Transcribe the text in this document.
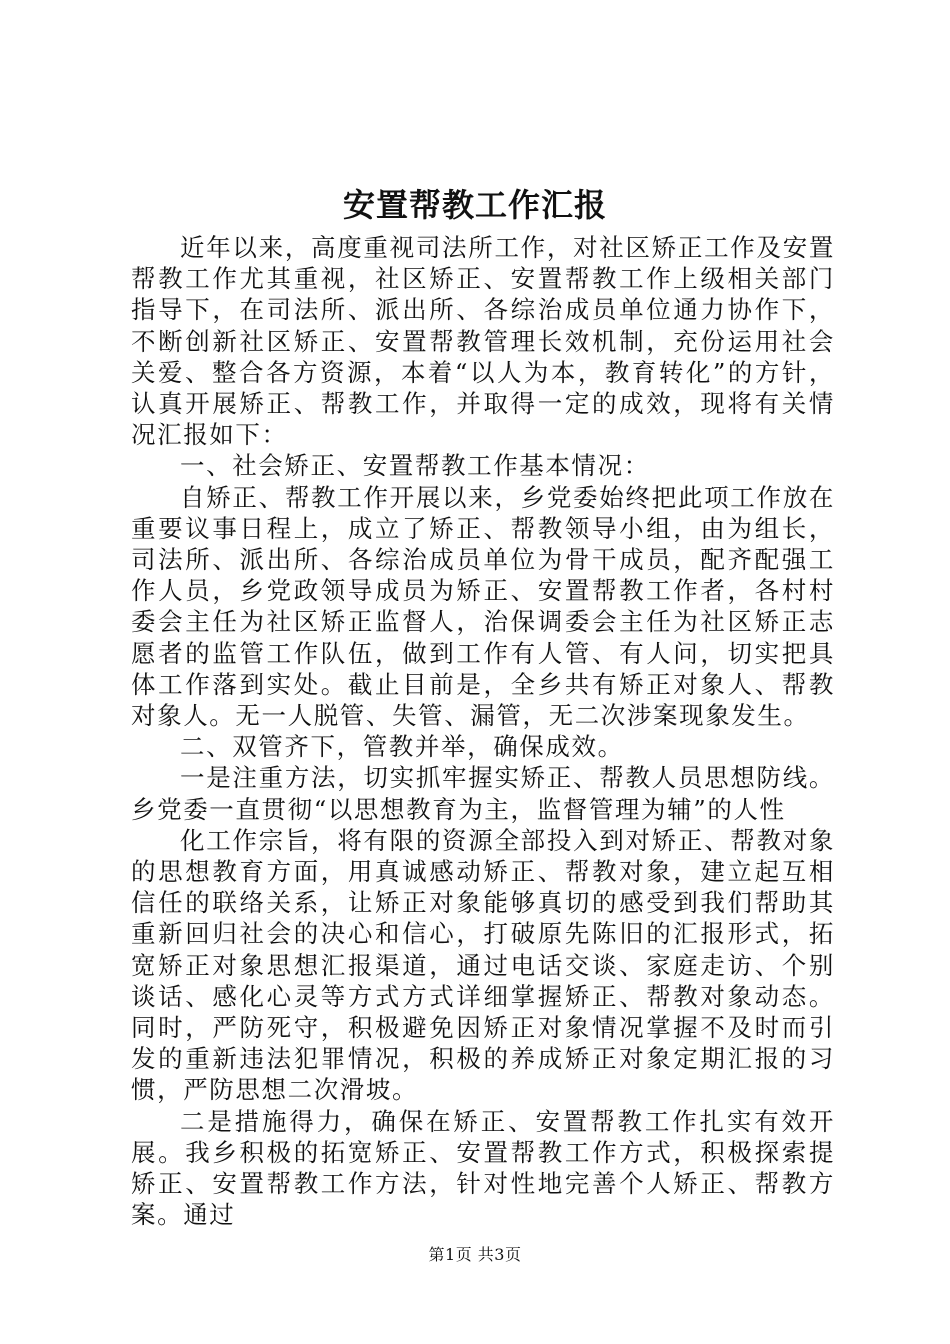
安置帮教工作汇报

近年以来，高度重视司法所工作，对社区矫正工作及安置帮教工作尤其重视，社区矫正、安置帮教工作上级相关部门指导下，在司法所、派出所、各综治成员单位通力协作下，不断创新社区矫正、安置帮教管理长效机制，充份运用社会关爱、整合各方资源，本着“以人为本，教育转化”的方针，认真开展矫正、帮教工作，并取得一定的成效，现将有关情况汇报如下：

一、社会矫正、安置帮教工作基本情况：

自矫正、帮教工作开展以来，乡党委始终把此项工作放在重要议事日程上，成立了矫正、帮教领导小组，由为组长，司法所、派出所、各综治成员单位为骨干成员，配齐配强工作人员，乡党政领导成员为矫正、安置帮教工作者，各村村委会主任为社区矫正监督人，治保调委会主任为社区矫正志愿者的监管工作队伍，做到工作有人管、有人问，切实把具体工作落到实处。截止目前是，全乡共有矫正对象人、帮教对象人。无一人脱管、失管、漏管，无二次涉案现象发生。

二、双管齐下，管教并举，确保成效。

一是注重方法，切实抓牢握实矫正、帮教人员思想防线。乡党委一直贯彻“以思想教育为主，监督管理为辅”的人性

化工作宗旨，将有限的资源全部投入到对矫正、帮教对象的思想教育方面，用真诚感动矫正、帮教对象，建立起互相信任的联络关系，让矫正对象能够真切的感受到我们帮助其重新回归社会的决心和信心，打破原先陈旧的汇报形式，拓宽矫正对象思想汇报渠道，通过电话交谈、家庭走访、个别谈话、感化心灵等方式方式详细掌握矫正、帮教对象动态。同时，严防死守，积极避免因矫正对象情况掌握不及时而引发的重新违法犯罪情况，积极的养成矫正对象定期汇报的习惯，严防思想二次滑坡。

二是措施得力，确保在矫正、安置帮教工作扎实有效开展。我乡积极的拓宽矫正、安置帮教工作方式，积极探索提矫正、安置帮教工作方法，针对性地完善个人矫正、帮教方案。通过

第1页 共3页
